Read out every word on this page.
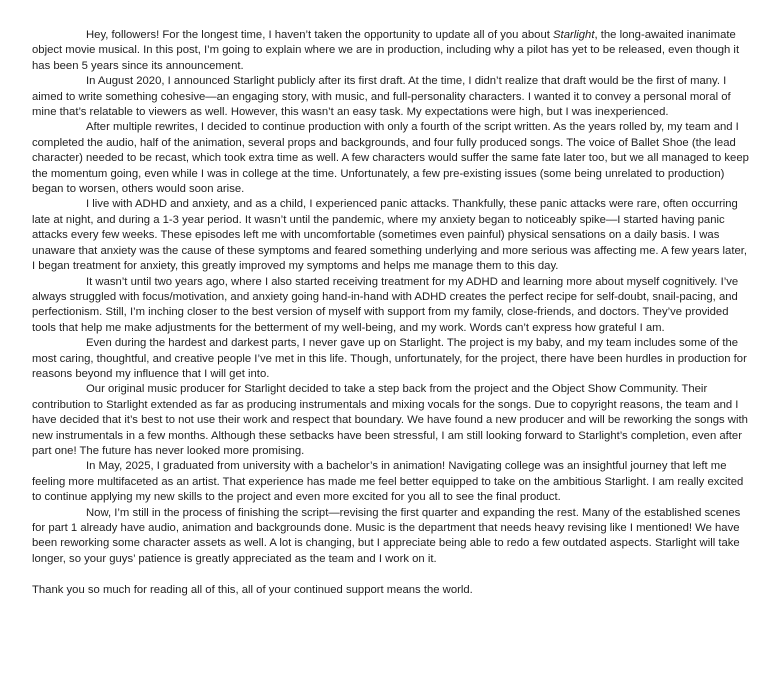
Hey, followers! For the longest time, I haven’t taken the opportunity to update all of you about Starlight, the long-awaited inanimate object movie musical. In this post, I’m going to explain where we are in production, including why a pilot has yet to be released, even though it has been 5 years since its announcement.

In August 2020, I announced Starlight publicly after its first draft. At the time, I didn’t realize that draft would be the first of many. I aimed to write something cohesive—an engaging story, with music, and full-personality characters. I wanted it to convey a personal moral of mine that’s relatable to viewers as well. However, this wasn’t an easy task. My expectations were high, but I was inexperienced.

After multiple rewrites, I decided to continue production with only a fourth of the script written. As the years rolled by, my team and I completed the audio, half of the animation, several props and backgrounds, and four fully produced songs. The voice of Ballet Shoe (the lead character) needed to be recast, which took extra time as well. A few characters would suffer the same fate later too, but we all managed to keep the momentum going, even while I was in college at the time. Unfortunately, a few pre-existing issues (some being unrelated to production) began to worsen, others would soon arise.

I live with ADHD and anxiety, and as a child, I experienced panic attacks. Thankfully, these panic attacks were rare, often occurring late at night, and during a 1-3 year period. It wasn’t until the pandemic, where my anxiety began to noticeably spike—I started having panic attacks every few weeks. These episodes left me with uncomfortable (sometimes even painful) physical sensations on a daily basis. I was unaware that anxiety was the cause of these symptoms and feared something underlying and more serious was affecting me. A few years later, I began treatment for anxiety, this greatly improved my symptoms and helps me manage them to this day.

It wasn’t until two years ago, where I also started receiving treatment for my ADHD and learning more about myself cognitively. I’ve always struggled with focus/motivation, and anxiety going hand-in-hand with ADHD creates the perfect recipe for self-doubt, snail-pacing, and perfectionism. Still, I’m inching closer to the best version of myself with support from my family, close-friends, and doctors. They’ve provided tools that help me make adjustments for the betterment of my well-being, and my work. Words can’t express how grateful I am.

Even during the hardest and darkest parts, I never gave up on Starlight. The project is my baby, and my team includes some of the most caring, thoughtful, and creative people I’ve met in this life. Though, unfortunately, for the project, there have been hurdles in production for reasons beyond my influence that I will get into.

Our original music producer for Starlight decided to take a step back from the project and the Object Show Community. Their contribution to Starlight extended as far as producing instrumentals and mixing vocals for the songs. Due to copyright reasons, the team and I have decided that it’s best to not use their work and respect that boundary. We have found a new producer and will be reworking the songs with new instrumentals in a few months. Although these setbacks have been stressful, I am still looking forward to Starlight’s completion, even after part one! The future has never looked more promising.

In May, 2025, I graduated from university with a bachelor’s in animation! Navigating college was an insightful journey that left me feeling more multifaceted as an artist. That experience has made me feel better equipped to take on the ambitious Starlight. I am really excited to continue applying my new skills to the project and even more excited for you all to see the final product.

Now, I’m still in the process of finishing the script—revising the first quarter and expanding the rest. Many of the established scenes for part 1 already have audio, animation and backgrounds done. Music is the department that needs heavy revising like I mentioned! We have been reworking some character assets as well. A lot is changing, but I appreciate being able to redo a few outdated aspects. Starlight will take longer, so your guys’ patience is greatly appreciated as the team and I work on it.

Thank you so much for reading all of this, all of your continued support means the world.
